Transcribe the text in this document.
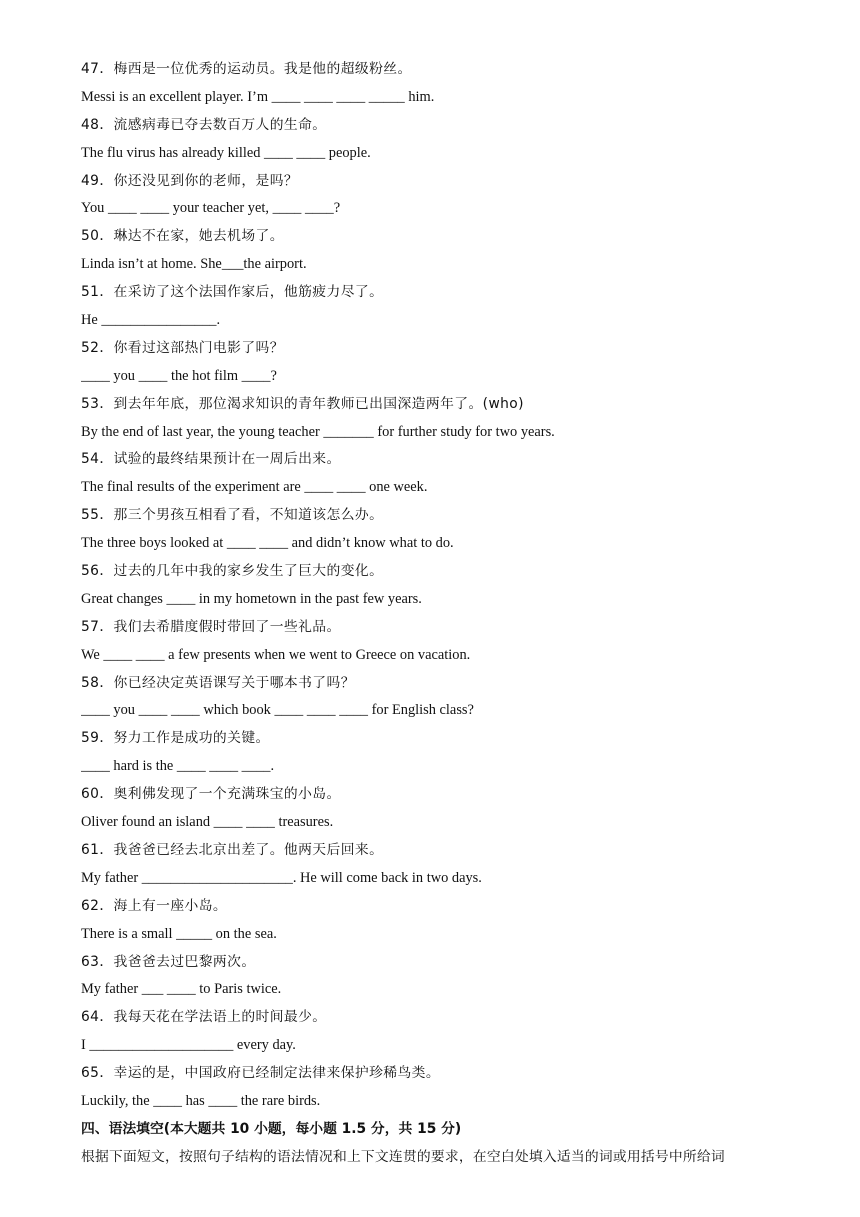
47．梅西是一位优秀的运动员。我是他的超级粉丝。
Messi is an excellent player. I’m ____ ____ ____ _____ him.
48．流感病毒已夺去数百万人的生命。
The flu virus has already killed ____ ____ people.
49．你还没见到你的老师，是吗？
You ____ ____ your teacher yet, ____ ____?
50．琳达不在家，她去机场了。
Linda isn’t at home. She___the airport.
51．在采访了这个法国作家后，他筋疲力尽了。
He ________________.
52．你看过这部热门电影了吗？
____ you ____ the hot film ____?
53．到去年年底，那位渴求知识的青年教师已出国深造两年了。(who)
By the end of last year, the young teacher _______ for further study for two years.
54．试验的最终结果预计在一周后出来。
The final results of the experiment are ____ ____ one week.
55．那三个男孩互相看了看，不知道该怎么办。
The three boys looked at ____ ____ and didn’t know what to do.
56．过去的几年中我的家乡发生了巨大的变化。
Great changes ____ in my hometown in the past few years.
57．我们去希腊度假时带回了一些礼品。
We ____ ____ a few presents when we went to Greece on vacation.
58．你已经决定英语课写关于哪本书了吗？
____ you ____ ____ which book ____ ____ ____ for English class?
59．努力工作是成功的关键。
____ hard is the ____ ____ ____.
60．奥利佛发现了一个充满珠宝的小岛。
Oliver found an island ____ ____ treasures.
61．我爸爸已经去北京出差了。他两天后回来。
My father _____________________. He will come back in two days.
62．海上有一座小岛。
There is a small _____ on the sea.
63．我爸爸去过巴黎两次。
My father ___ ____ to Paris twice.
64．我每天花在学法语上的时间最少。
I ____________________ every day.
65．幸运的是，中国政府已经制定法律来保护珍稀鸟类。
Luckily, the ____ has ____ the rare birds.
四、语法填空(本大题共 10 小题，每小题 1.5 分，共 15 分)
根据下面短文，按照句子结构的语法情况和上下文连贯的要求，在空白处填入适当的词或用括号中所给词
